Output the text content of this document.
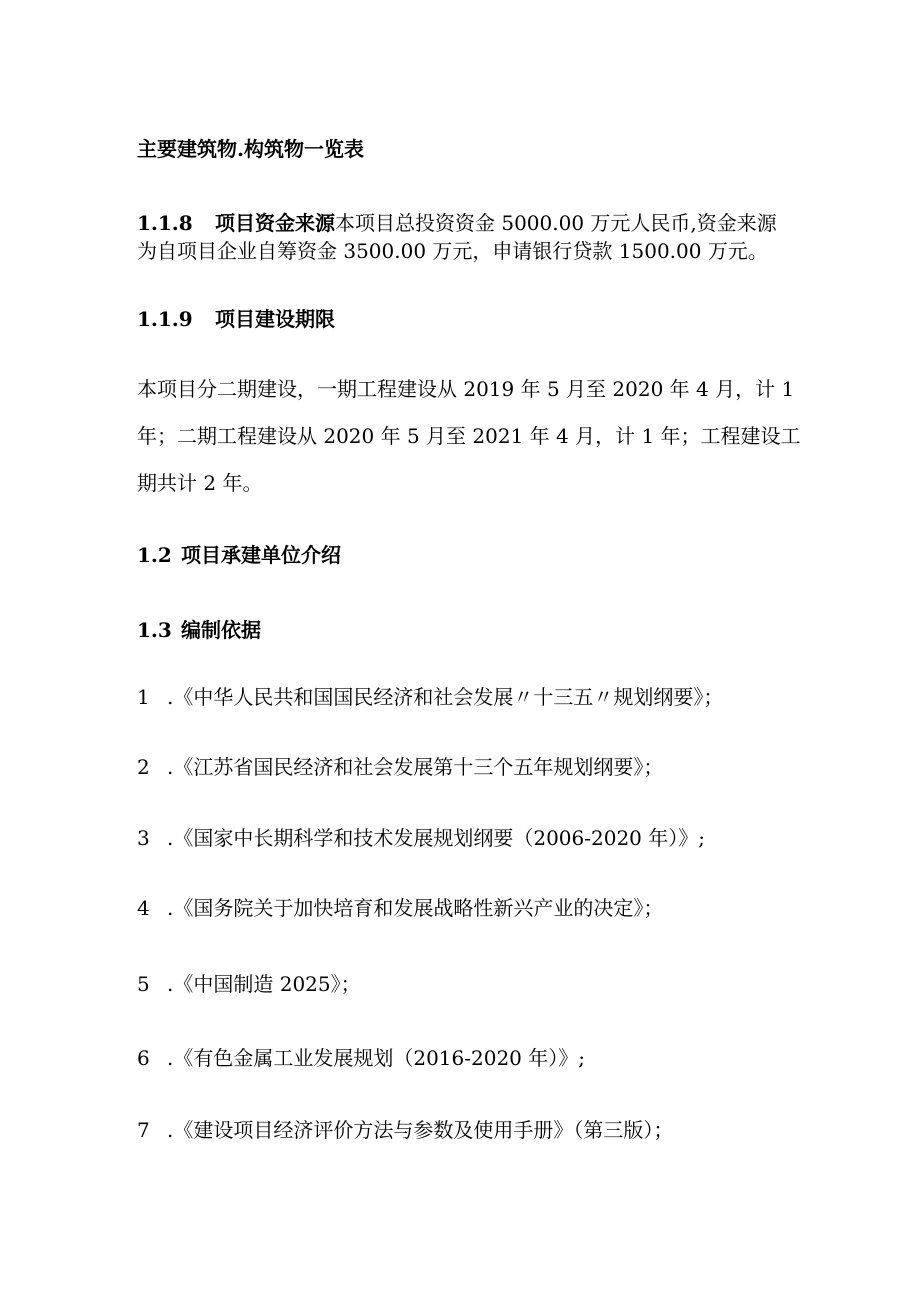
主要建筑物.构筑物一览表
1.1.8 项目资金来源本项目总投资资金 5000.00 万元人民币,资金来源
为自项目企业自筹资金 3500.00 万元，申请银行贷款 1500.00 万元。
1.1.9 项目建设期限
本项目分二期建设，一期工程建设从 2019 年 5 月至 2020 年 4 月，计 1
年；二期工程建设从 2020 年 5 月至 2021 年 4 月，计 1 年；工程建设工
期共计 2 年。
1.2 项目承建单位介绍
1.3 编制依据
1 .《中华人民共和国国民经济和社会发展〃十三五〃规划纲要》；
2 .《江苏省国民经济和社会发展第十三个五年规划纲要》；
3 .《国家中长期科学和技术发展规划纲要（2006-2020 年）》;
4 .《国务院关于加快培育和发展战略性新兴产业的决定》；
5 .《中国制造 2025》；
6 .《有色金属工业发展规划（2016-2020 年）》;
7 .《建设项目经济评价方法与参数及使用手册》（第三版）；
